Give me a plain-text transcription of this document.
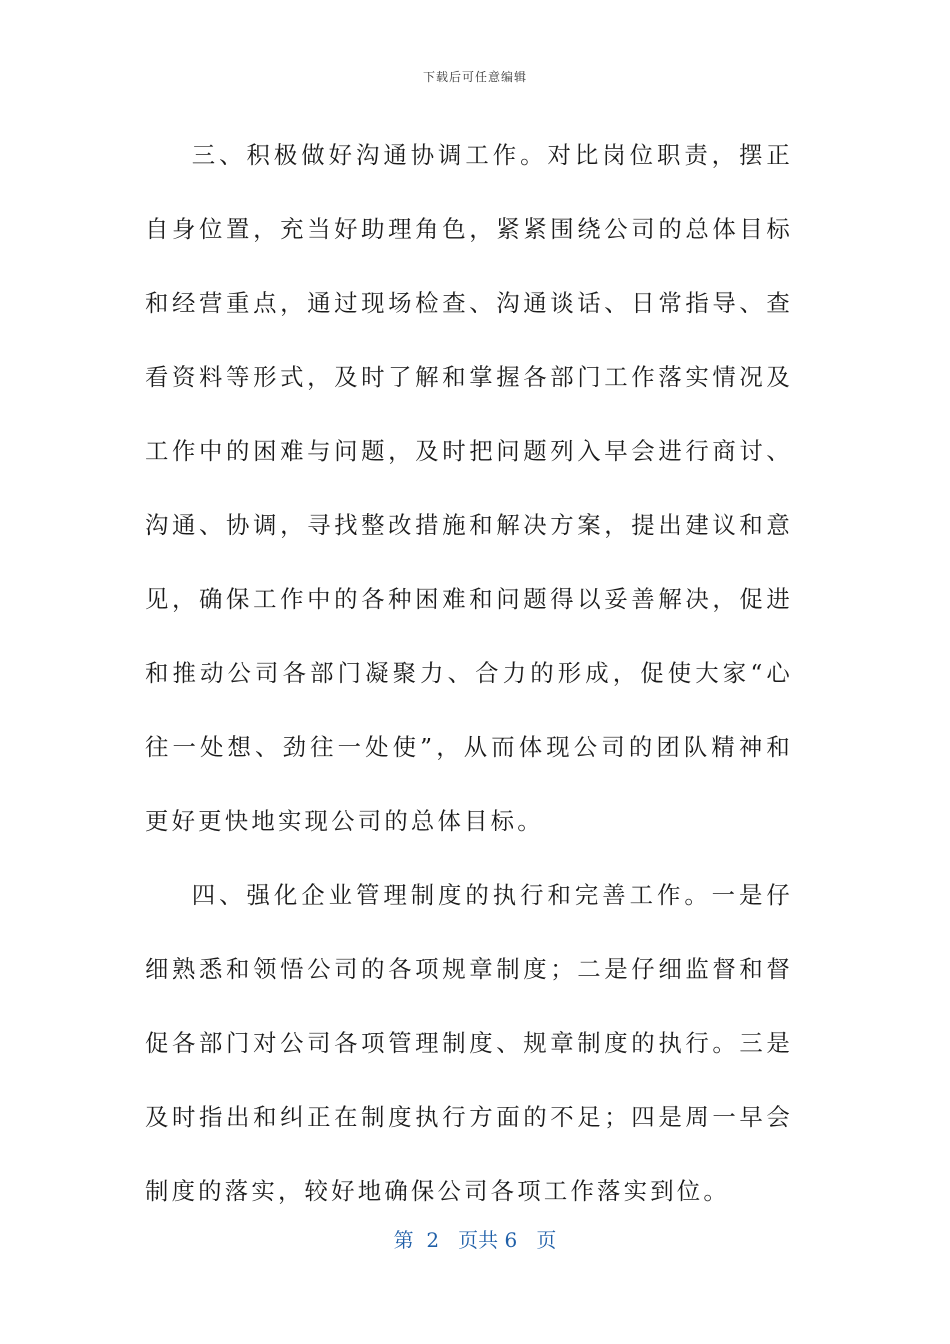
下载后可任意编辑

三、积极做好沟通协调工作。对比岗位职责，摆正自身位置，充当好助理角色，紧紧围绕公司的总体目标和经营重点，通过现场检查、沟通谈话、日常指导、查看资料等形式，及时了解和掌握各部门工作落实情况及工作中的困难与问题，及时把问题列入早会进行商讨、沟通、协调，寻找整改措施和解决方案，提出建议和意见，确保工作中的各种困难和问题得以妥善解决，促进和推动公司各部门凝聚力、合力的形成，促使大家“心往一处想、劲往一处使”，从而体现公司的团队精神和更好更快地实现公司的总体目标。

四、强化企业管理制度的执行和完善工作。一是仔细熟悉和领悟公司的各项规章制度；二是仔细监督和督促各部门对公司各项管理制度、规章制度的执行。三是及时指出和纠正在制度执行方面的不足；四是周一早会制度的落实，较好地确保公司各项工作落实到位。

第  2   页共 6   页
